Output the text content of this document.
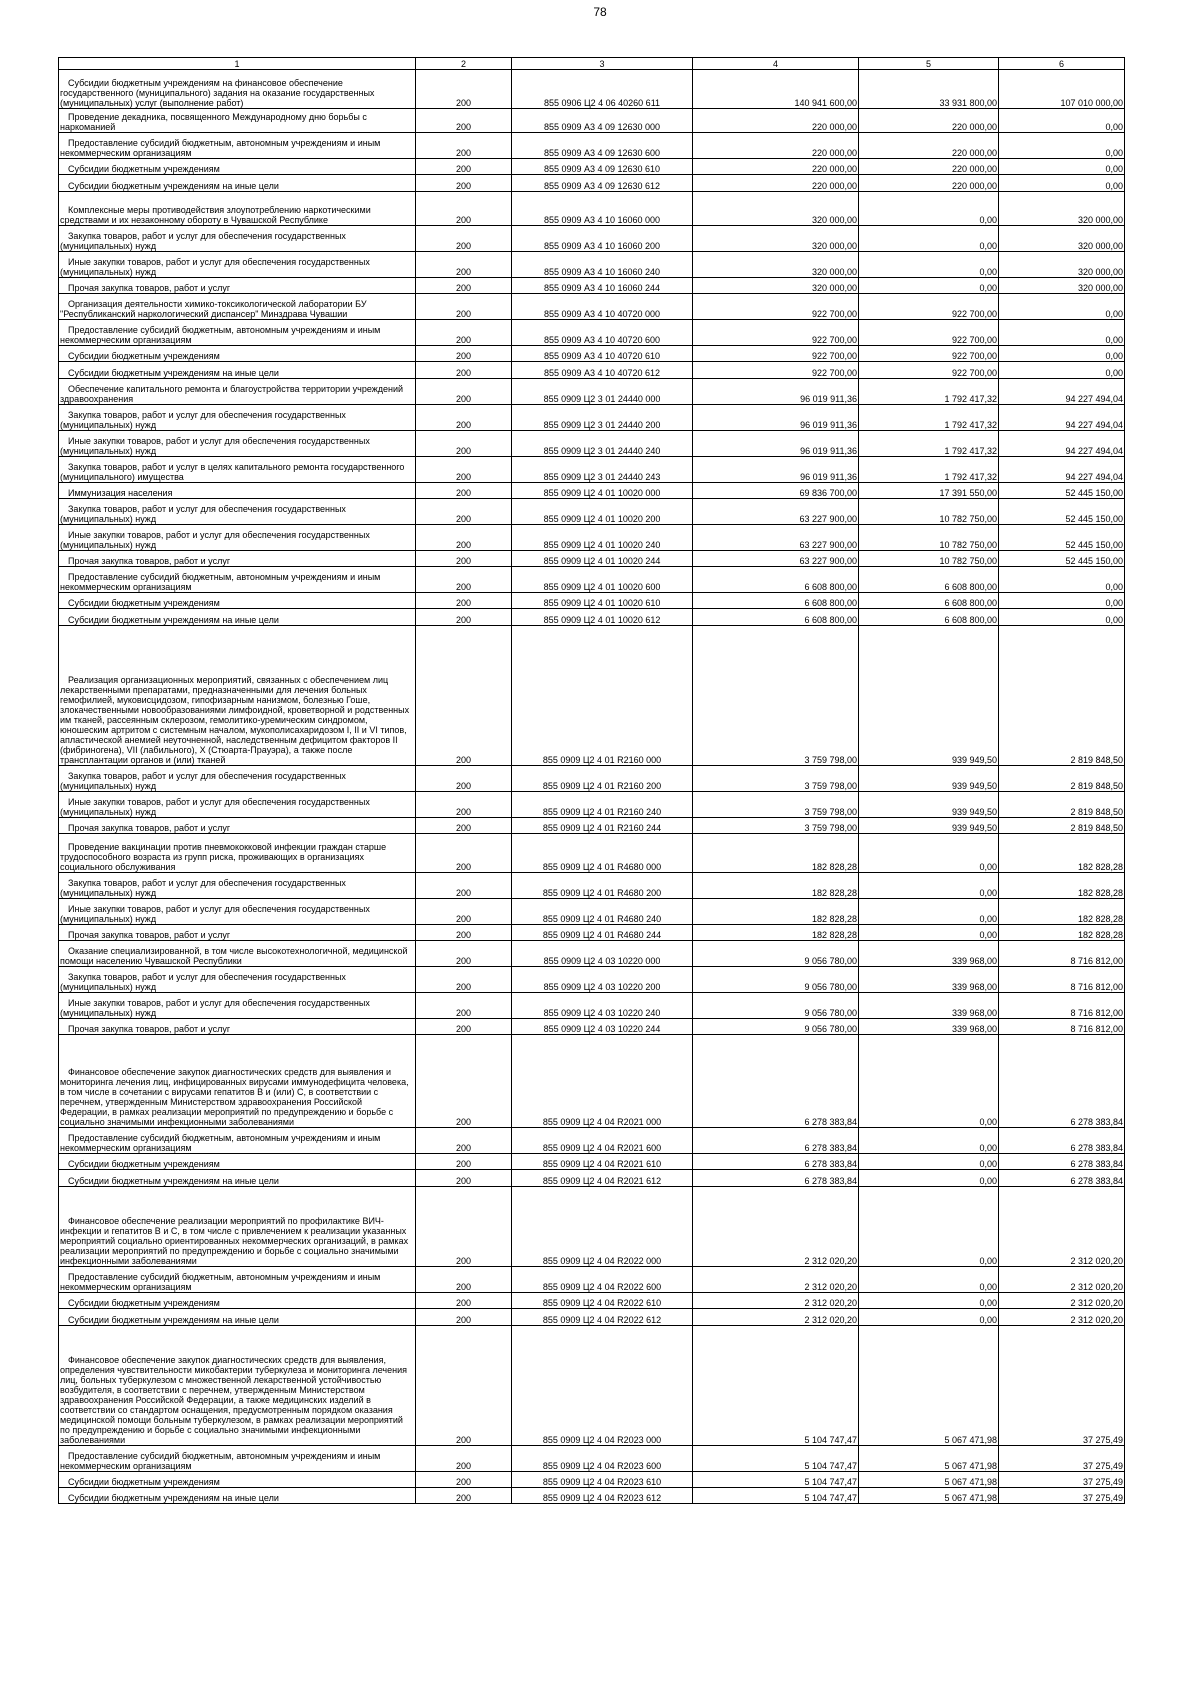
78
1	2	3	4	5	6

Субсидии бюджетным учреждениям на финансовое обеспечение государственного (муниципального) задания на оказание государственных (муниципальных) услуг (выполнение работ)	200	855 0906 Ц2 4 06 40260 611	140 941 600,00	33 931 800,00	107 010 000,00

Проведение декадника, посвященного Международному дню борьбы с наркоманией	200	855 0909 А3 4 09 12630 000	220 000,00	220 000,00	0,00

Предоставление субсидий бюджетным, автономным учреждениям и иным некоммерческим организациям	200	855 0909 А3 4 09 12630 600	220 000,00	220 000,00	0,00

Субсидии бюджетным учреждениям	200	855 0909 А3 4 09 12630 610	220 000,00	220 000,00	0,00

Субсидии бюджетным учреждениям на иные цели	200	855 0909 А3 4 09 12630 612	220 000,00	220 000,00	0,00

Комплексные меры противодействия злоупотреблению наркотическими средствами и их незаконному обороту в Чувашской Республике	200	855 0909 А3 4 10 16060 000	320 000,00	0,00	320 000,00

Закупка товаров, работ и услуг для обеспечения государственных (муниципальных) нужд	200	855 0909 А3 4 10 16060 200	320 000,00	0,00	320 000,00

Иные закупки товаров, работ и услуг для обеспечения государственных (муниципальных) нужд	200	855 0909 А3 4 10 16060 240	320 000,00	0,00	320 000,00

Прочая закупка товаров, работ и услуг	200	855 0909 А3 4 10 16060 244	320 000,00	0,00	320 000,00

Организация деятельности химико-токсикологической лаборатории БУ "Республиканский наркологический диспансер" Минздрава Чувашии	200	855 0909 А3 4 10 40720 000	922 700,00	922 700,00	0,00

Предоставление субсидий бюджетным, автономным учреждениям и иным некоммерческим организациям	200	855 0909 А3 4 10 40720 600	922 700,00	922 700,00	0,00

Субсидии бюджетным учреждениям	200	855 0909 А3 4 10 40720 610	922 700,00	922 700,00	0,00

Субсидии бюджетным учреждениям на иные цели	200	855 0909 А3 4 10 40720 612	922 700,00	922 700,00	0,00

Обеспечение капитального ремонта и благоустройства территории учреждений здравоохранения	200	855 0909 Ц2 3 01 24440 000	96 019 911,36	1 792 417,32	94 227 494,04

Закупка товаров, работ и услуг для обеспечения государственных (муниципальных) нужд	200	855 0909 Ц2 3 01 24440 200	96 019 911,36	1 792 417,32	94 227 494,04

Иные закупки товаров, работ и услуг для обеспечения государственных (муниципальных) нужд	200	855 0909 Ц2 3 01 24440 240	96 019 911,36	1 792 417,32	94 227 494,04

Закупка товаров, работ и услуг в целях капитального ремонта государственного (муниципального) имущества	200	855 0909 Ц2 3 01 24440 243	96 019 911,36	1 792 417,32	94 227 494,04

Иммунизация населения	200	855 0909 Ц2 4 01 10020 000	69 836 700,00	17 391 550,00	52 445 150,00

Закупка товаров, работ и услуг для обеспечения государственных (муниципальных) нужд	200	855 0909 Ц2 4 01 10020 200	63 227 900,00	10 782 750,00	52 445 150,00

Иные закупки товаров, работ и услуг для обеспечения государственных (муниципальных) нужд	200	855 0909 Ц2 4 01 10020 240	63 227 900,00	10 782 750,00	52 445 150,00

Прочая закупка товаров, работ и услуг	200	855 0909 Ц2 4 01 10020 244	63 227 900,00	10 782 750,00	52 445 150,00

Предоставление субсидий бюджетным, автономным учреждениям и иным некоммерческим организациям	200	855 0909 Ц2 4 01 10020 600	6 608 800,00	6 608 800,00	0,00

Субсидии бюджетным учреждениям	200	855 0909 Ц2 4 01 10020 610	6 608 800,00	6 608 800,00	0,00

Субсидии бюджетным учреждениям на иные цели	200	855 0909 Ц2 4 01 10020 612	6 608 800,00	6 608 800,00	0,00

Реализация организационных мероприятий, связанных с обеспечением лиц лекарственными препаратами, предназначенными для лечения больных гемофилией, муковисцидозом, гипофизарным нанизмом, болезнью Гоше, злокачественными новообразованиями лимфоидной, кроветворной и родственных им тканей, рассеянным склерозом, гемолитико-уремическим синдромом, юношеским артритом с системным началом, мукополисахаридозом I, II и VI типов, апластической анемией неуточненной, наследственным дефицитом факторов II (фибриногена), VII (лабильного), X (Стюарта-Прауэра), а также после трансплантации органов и (или) тканей	200	855 0909 Ц2 4 01 R2160 000	3 759 798,00	939 949,50	2 819 848,50

Закупка товаров, работ и услуг для обеспечения государственных (муниципальных) нужд	200	855 0909 Ц2 4 01 R2160 200	3 759 798,00	939 949,50	2 819 848,50

Иные закупки товаров, работ и услуг для обеспечения государственных (муниципальных) нужд	200	855 0909 Ц2 4 01 R2160 240	3 759 798,00	939 949,50	2 819 848,50

Прочая закупка товаров, работ и услуг	200	855 0909 Ц2 4 01 R2160 244	3 759 798,00	939 949,50	2 819 848,50

Проведение вакцинации против пневмококковой инфекции граждан старше трудоспособного возраста из групп риска, проживающих в организациях социального обслуживания	200	855 0909 Ц2 4 01 R4680 000	182 828,28	0,00	182 828,28

Закупка товаров, работ и услуг для обеспечения государственных (муниципальных) нужд	200	855 0909 Ц2 4 01 R4680 200	182 828,28	0,00	182 828,28

Иные закупки товаров, работ и услуг для обеспечения государственных (муниципальных) нужд	200	855 0909 Ц2 4 01 R4680 240	182 828,28	0,00	182 828,28

Прочая закупка товаров, работ и услуг	200	855 0909 Ц2 4 01 R4680 244	182 828,28	0,00	182 828,28

Оказание специализированной, в том числе высокотехнологичной, медицинской помощи населению Чувашской Республики	200	855 0909 Ц2 4 03 10220 000	9 056 780,00	339 968,00	8 716 812,00

Закупка товаров, работ и услуг для обеспечения государственных (муниципальных) нужд	200	855 0909 Ц2 4 03 10220 200	9 056 780,00	339 968,00	8 716 812,00

Иные закупки товаров, работ и услуг для обеспечения государственных (муниципальных) нужд	200	855 0909 Ц2 4 03 10220 240	9 056 780,00	339 968,00	8 716 812,00

Прочая закупка товаров, работ и услуг	200	855 0909 Ц2 4 03 10220 244	9 056 780,00	339 968,00	8 716 812,00

Финансовое обеспечение закупок диагностических средств для выявления и мониторинга лечения лиц, инфицированных вирусами иммунодефицита человека, в том числе в сочетании с вирусами гепатитов B и (или) C, в соответствии с перечнем, утвержденным Министерством здравоохранения Российской Федерации, в рамках реализации мероприятий по предупреждению и борьбе с социально значимыми инфекционными заболеваниями	200	855 0909 Ц2 4 04 R2021 000	6 278 383,84	0,00	6 278 383,84

Предоставление субсидий бюджетным, автономным учреждениям и иным некоммерческим организациям	200	855 0909 Ц2 4 04 R2021 600	6 278 383,84	0,00	6 278 383,84

Субсидии бюджетным учреждениям	200	855 0909 Ц2 4 04 R2021 610	6 278 383,84	0,00	6 278 383,84

Субсидии бюджетным учреждениям на иные цели	200	855 0909 Ц2 4 04 R2021 612	6 278 383,84	0,00	6 278 383,84

Финансовое обеспечение реализации мероприятий по профилактике ВИЧ-инфекции и гепатитов B и C, в том числе с привлечением к реализации указанных мероприятий социально ориентированных некоммерческих организаций, в рамках реализации мероприятий по предупреждению и борьбе с социально значимыми инфекционными заболеваниями	200	855 0909 Ц2 4 04 R2022 000	2 312 020,20	0,00	2 312 020,20

Предоставление субсидий бюджетным, автономным учреждениям и иным некоммерческим организациям	200	855 0909 Ц2 4 04 R2022 600	2 312 020,20	0,00	2 312 020,20

Субсидии бюджетным учреждениям	200	855 0909 Ц2 4 04 R2022 610	2 312 020,20	0,00	2 312 020,20

Субсидии бюджетным учреждениям на иные цели	200	855 0909 Ц2 4 04 R2022 612	2 312 020,20	0,00	2 312 020,20

Финансовое обеспечение закупок диагностических средств для выявления, определения чувствительности микобактерии туберкулеза и мониторинга лечения лиц, больных туберкулезом с множественной лекарственной устойчивостью возбудителя, в соответствии с перечнем, утвержденным Министерством здравоохранения Российской Федерации, а также медицинских изделий в соответствии со стандартом оснащения, предусмотренным порядком оказания медицинской помощи больным туберкулезом, в рамках реализации мероприятий по предупреждению и борьбе с социально значимыми инфекционными заболеваниями	200	855 0909 Ц2 4 04 R2023 000	5 104 747,47	5 067 471,98	37 275,49

Предоставление субсидий бюджетным, автономным учреждениям и иным некоммерческим организациям	200	855 0909 Ц2 4 04 R2023 600	5 104 747,47	5 067 471,98	37 275,49

Субсидии бюджетным учреждениям	200	855 0909 Ц2 4 04 R2023 610	5 104 747,47	5 067 471,98	37 275,49

Субсидии бюджетным учреждениям на иные цели	200	855 0909 Ц2 4 04 R2023 612	5 104 747,47	5 067 471,98	37 275,49
